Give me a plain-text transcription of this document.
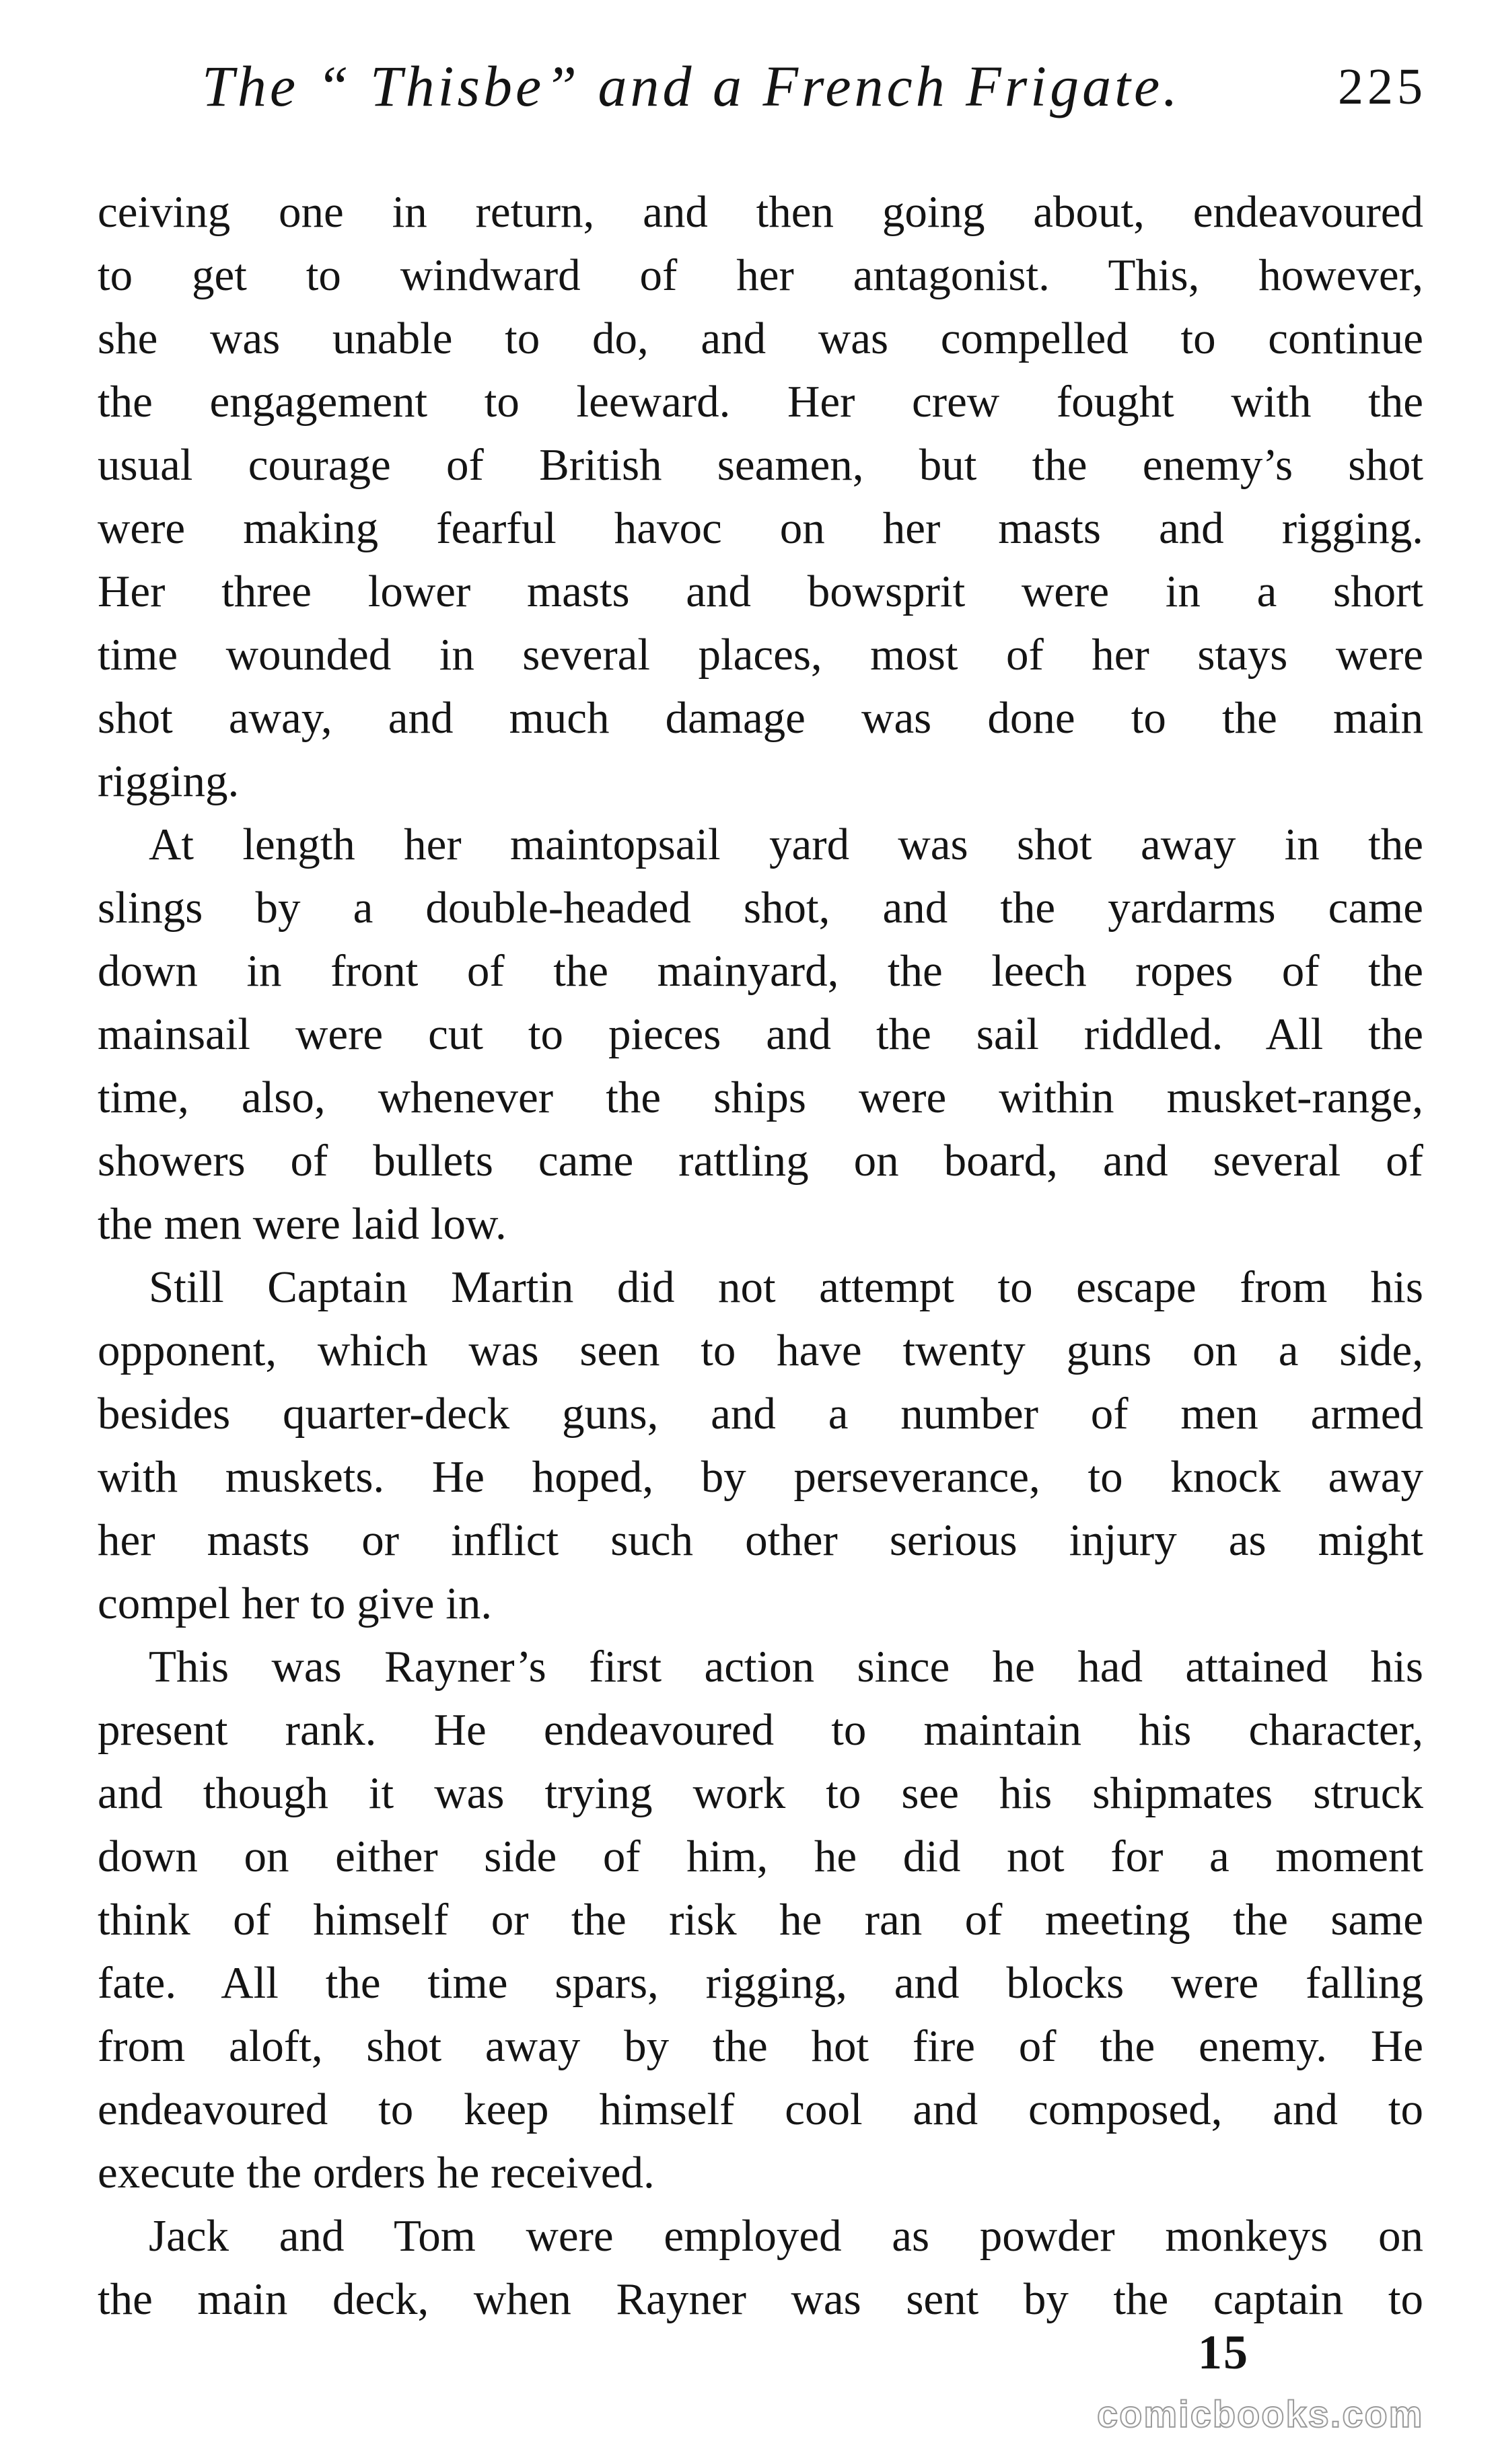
The “ Thisbe” and a French Frigate.	225
ceiving one in return, and then going about, endeavoured
to get to windward of her antagonist. This, however,
she was unable to do, and was compelled to continue
the engagement to leeward. Her crew fought with the
usual courage of British seamen, but the enemy’s shot
were making fearful havoc on her masts and rigging.
Her three lower masts and bowsprit were in a short
time wounded in several places, most of her stays were
shot away, and much damage was done to the main
rigging.
At length her maintopsail yard was shot away in the
slings by a double-headed shot, and the yardarms came
down in front of the mainyard, the leech ropes of the
mainsail were cut to pieces and the sail riddled. All the
time, also, whenever the ships were within musket-range,
showers of bullets came rattling on board, and several of
the men were laid low.
Still Captain Martin did not attempt to escape from his
opponent, which was seen to have twenty guns on a side,
besides quarter-deck guns, and a number of men armed
with muskets. He hoped, by perseverance, to knock away
her masts or inflict such other serious injury as might
compel her to give in.
This was Rayner’s first action since he had attained his
present rank. He endeavoured to maintain his character,
and though it was trying work to see his shipmates struck
down on either side of him, he did not for a moment
think of himself or the risk he ran of meeting the same
fate. All the time spars, rigging, and blocks were falling
from aloft, shot away by the hot fire of the enemy. He
endeavoured to keep himself cool and composed, and to
execute the orders he received.
Jack and Tom were employed as powder monkeys on
the main deck, when Rayner was sent by the captain to
15
comicbooks.com
